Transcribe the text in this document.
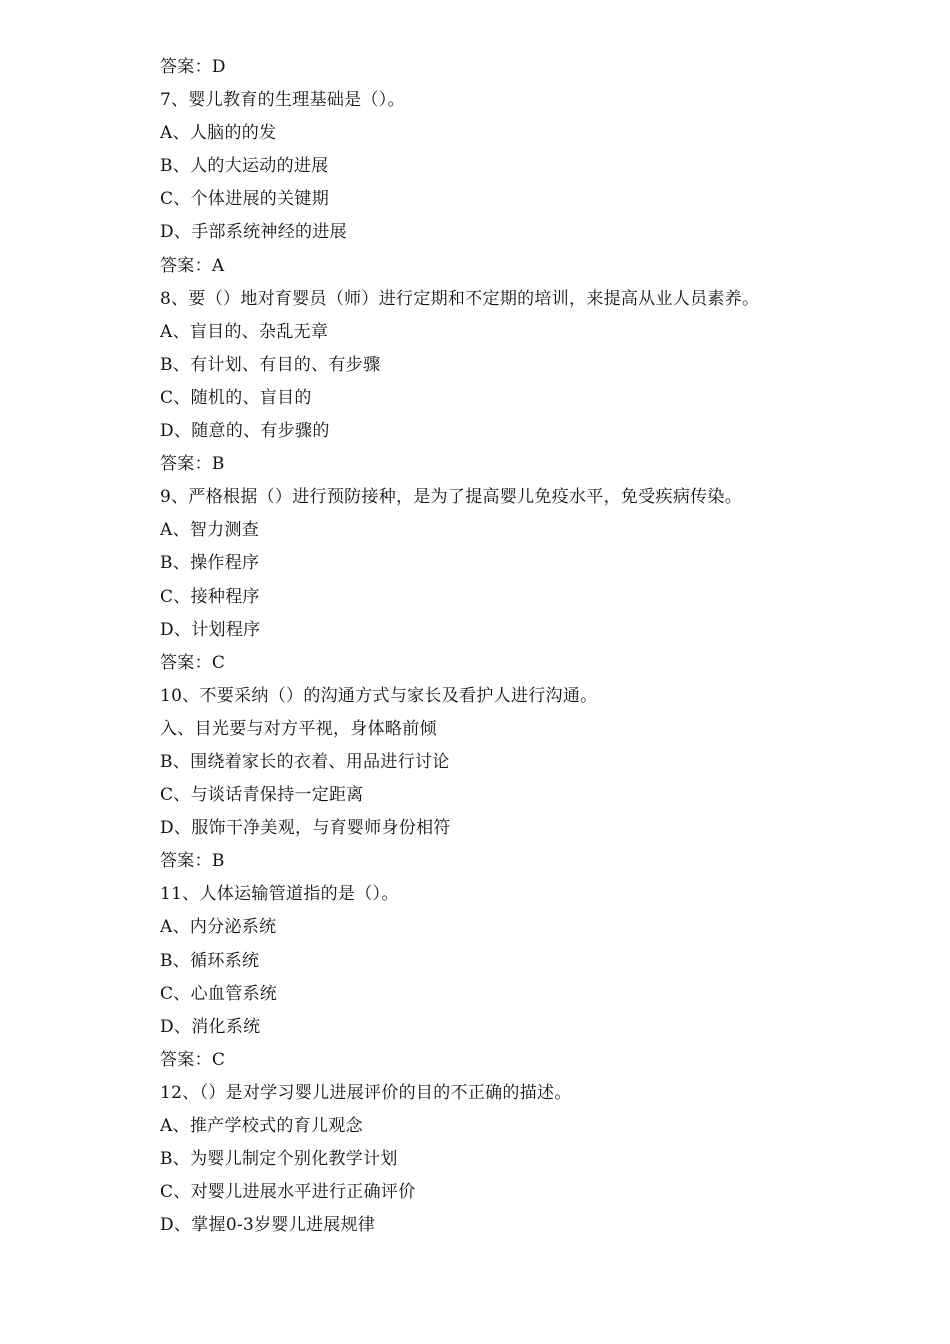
答案：D
7、婴儿教育的生理基础是（）。
A、人脑的的发
B、人的大运动的进展
C、个体进展的关键期
D、手部系统神经的进展
答案：A
8、要（）地对育婴员（师）进行定期和不定期的培训，来提高从业人员素养。
A、盲目的、杂乱无章
B、有计划、有目的、有步骤
C、随机的、盲目的
D、随意的、有步骤的
答案：B
9、严格根据（）进行预防接种，是为了提高婴儿免疫水平，免受疾病传染。
A、智力测查
B、操作程序
C、接种程序
D、计划程序
答案：C
10、不要采纳（）的沟通方式与家长及看护人进行沟通。
入、目光要与对方平视，身体略前倾
B、围绕着家长的衣着、用品进行讨论
C、与谈话青保持一定距离
D、服饰干净美观，与育婴师身份相符
答案：B
11、人体运输管道指的是（）。
A、内分泌系统
B、循环系统
C、心血管系统
D、消化系统
答案：C
12、（）是对学习婴儿进展评价的目的不正确的描述。
A、推产学校式的育儿观念
B、为婴儿制定个别化教学计划
C、对婴儿进展水平进行正确评价
D、掌握0-3岁婴儿进展规律
